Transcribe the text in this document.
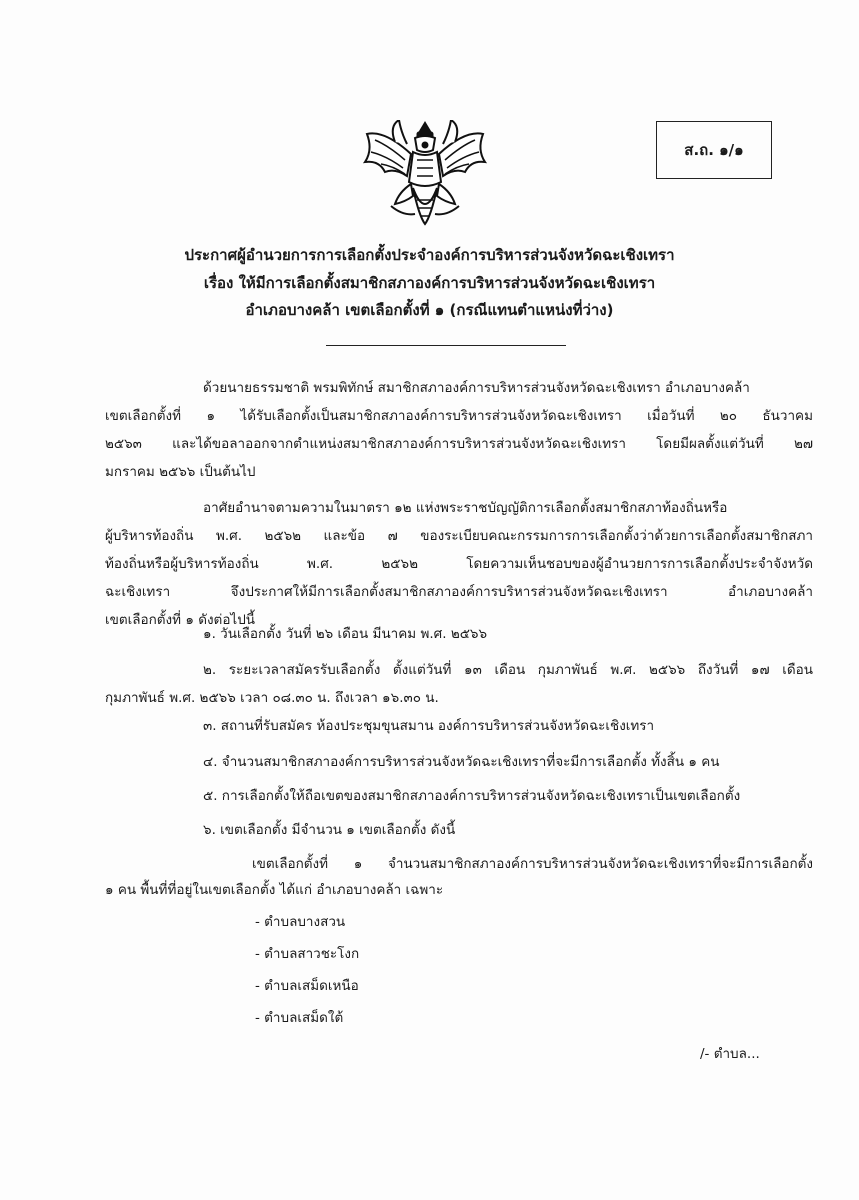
ส.ถ. ๑/๑
ประกาศผู้อำนวยการการเลือกตั้งประจำองค์การบริหารส่วนจังหวัดฉะเชิงเทรา
เรื่อง ให้มีการเลือกตั้งสมาชิกสภาองค์การบริหารส่วนจังหวัดฉะเชิงเทรา
อำเภอบางคล้า เขตเลือกตั้งที่ ๑ (กรณีแทนตำแหน่งที่ว่าง)
ด้วยนายธรรมชาติ พรมพิทักษ์ สมาชิกสภาองค์การบริหารส่วนจังหวัดฉะเชิงเทรา อำเภอบางคล้า
เขตเลือกตั้งที่ ๑ ได้รับเลือกตั้งเป็นสมาชิกสภาองค์การบริหารส่วนจังหวัดฉะเชิงเทรา เมื่อวันที่ ๒๐ ธันวาคม
๒๕๖๓ และได้ขอลาออกจากตำแหน่งสมาชิกสภาองค์การบริหารส่วนจังหวัดฉะเชิงเทรา โดยมีผลตั้งแต่วันที่ ๒๗
มกราคม ๒๕๖๖ เป็นต้นไป
อาศัยอำนาจตามความในมาตรา ๑๒ แห่งพระราชบัญญัติการเลือกตั้งสมาชิกสภาท้องถิ่นหรือ
ผู้บริหารท้องถิ่น พ.ศ. ๒๕๖๒ และข้อ ๗ ของระเบียบคณะกรรมการการเลือกตั้งว่าด้วยการเลือกตั้งสมาชิกสภา
ท้องถิ่นหรือผู้บริหารท้องถิ่น พ.ศ. ๒๕๖๒ โดยความเห็นชอบของผู้อำนวยการการเลือกตั้งประจำจังหวัด
ฉะเชิงเทรา จึงประกาศให้มีการเลือกตั้งสมาชิกสภาองค์การบริหารส่วนจังหวัดฉะเชิงเทรา อำเภอบางคล้า
เขตเลือกตั้งที่ ๑ ดังต่อไปนี้
๑. วันเลือกตั้ง วันที่ ๒๖ เดือน มีนาคม พ.ศ. ๒๕๖๖
๒. ระยะเวลาสมัครรับเลือกตั้ง ตั้งแต่วันที่ ๑๓ เดือน กุมภาพันธ์ พ.ศ. ๒๕๖๖ ถึงวันที่ ๑๗ เดือน
กุมภาพันธ์ พ.ศ. ๒๕๖๖ เวลา ๐๘.๓๐ น. ถึงเวลา ๑๖.๓๐ น.
๓. สถานที่รับสมัคร ห้องประชุมขุนสมาน องค์การบริหารส่วนจังหวัดฉะเชิงเทรา
๔. จำนวนสมาชิกสภาองค์การบริหารส่วนจังหวัดฉะเชิงเทราที่จะมีการเลือกตั้ง ทั้งสิ้น ๑ คน
๕. การเลือกตั้งให้ถือเขตของสมาชิกสภาองค์การบริหารส่วนจังหวัดฉะเชิงเทราเป็นเขตเลือกตั้ง
๖. เขตเลือกตั้ง มีจำนวน ๑ เขตเลือกตั้ง ดังนี้
เขตเลือกตั้งที่ ๑ จำนวนสมาชิกสภาองค์การบริหารส่วนจังหวัดฉะเชิงเทราที่จะมีการเลือกตั้ง
๑ คน พื้นที่ที่อยู่ในเขตเลือกตั้ง ได้แก่ อำเภอบางคล้า เฉพาะ
- ตำบลบางสวน
- ตำบลสาวชะโงก
- ตำบลเสม็ดเหนือ
- ตำบลเสม็ดใต้
/- ตำบล...
